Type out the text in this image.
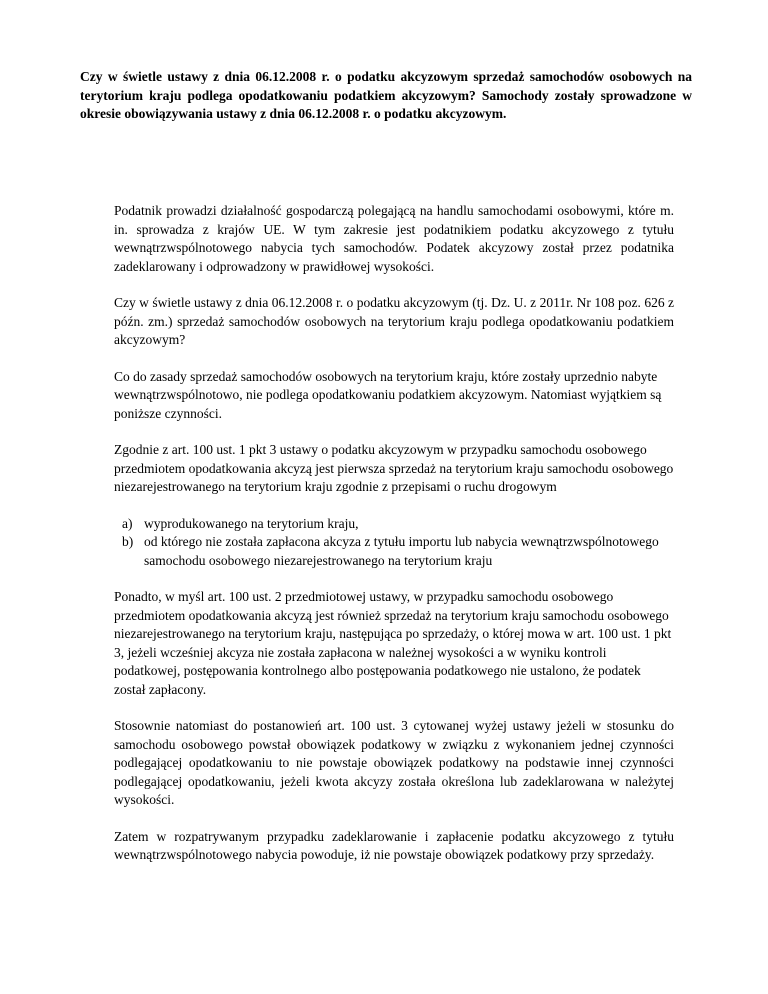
Czy w świetle ustawy z dnia 06.12.2008 r. o podatku akcyzowym sprzedaż samochodów osobowych na terytorium kraju podlega opodatkowaniu podatkiem akcyzowym? Samochody zostały sprowadzone w okresie obowiązywania ustawy z dnia 06.12.2008 r. o podatku akcyzowym.

Podatnik prowadzi działalność gospodarczą polegającą na handlu samochodami osobowymi, które m. in. sprowadza z krajów UE. W tym zakresie jest podatnikiem podatku akcyzowego z tytułu wewnątrzwspólnotowego nabycia tych samochodów. Podatek akcyzowy został przez podatnika zadeklarowany i odprowadzony w prawidłowej wysokości.

Czy w świetle ustawy z dnia 06.12.2008 r. o podatku akcyzowym (tj. Dz. U. z 2011r. Nr 108 poz. 626 z późn. zm.) sprzedaż samochodów osobowych na terytorium kraju podlega opodatkowaniu podatkiem akcyzowym?

Co do zasady sprzedaż samochodów osobowych na terytorium kraju, które zostały uprzednio nabyte wewnątrzwspólnotowo, nie podlega opodatkowaniu podatkiem akcyzowym. Natomiast wyjątkiem są poniższe czynności.

Zgodnie z art. 100 ust. 1 pkt 3 ustawy o podatku akcyzowym w przypadku samochodu osobowego przedmiotem opodatkowania akcyzą jest pierwsza sprzedaż na terytorium kraju samochodu osobowego niezarejestrowanego na terytorium kraju zgodnie z przepisami o ruchu drogowym

a) wyprodukowanego na terytorium kraju,
b) od którego nie została zapłacona akcyza z tytułu importu lub nabycia wewnątrzwspólnotowego samochodu osobowego niezarejestrowanego na terytorium kraju

Ponadto, w myśl art. 100 ust. 2 przedmiotowej ustawy, w przypadku samochodu osobowego przedmiotem opodatkowania akcyzą jest również sprzedaż na terytorium kraju samochodu osobowego niezarejestrowanego na terytorium kraju, następująca po sprzedaży, o której mowa w art. 100 ust. 1 pkt 3, jeżeli wcześniej akcyza nie została zapłacona w należnej wysokości a w wyniku kontroli podatkowej, postępowania kontrolnego albo postępowania podatkowego nie ustalono, że podatek został zapłacony.

Stosownie natomiast do postanowień art. 100 ust. 3 cytowanej wyżej ustawy jeżeli w stosunku do samochodu osobowego powstał obowiązek podatkowy w związku z wykonaniem jednej czynności podlegającej opodatkowaniu to nie powstaje obowiązek podatkowy na podstawie innej czynności podlegającej opodatkowaniu, jeżeli kwota akcyzy została określona lub zadeklarowana w należytej wysokości.

Zatem w rozpatrywanym przypadku zadeklarowanie i zapłacenie podatku akcyzowego z tytułu wewnątrzwspólnotowego nabycia powoduje, iż nie powstaje obowiązek podatkowy przy sprzedaży.
